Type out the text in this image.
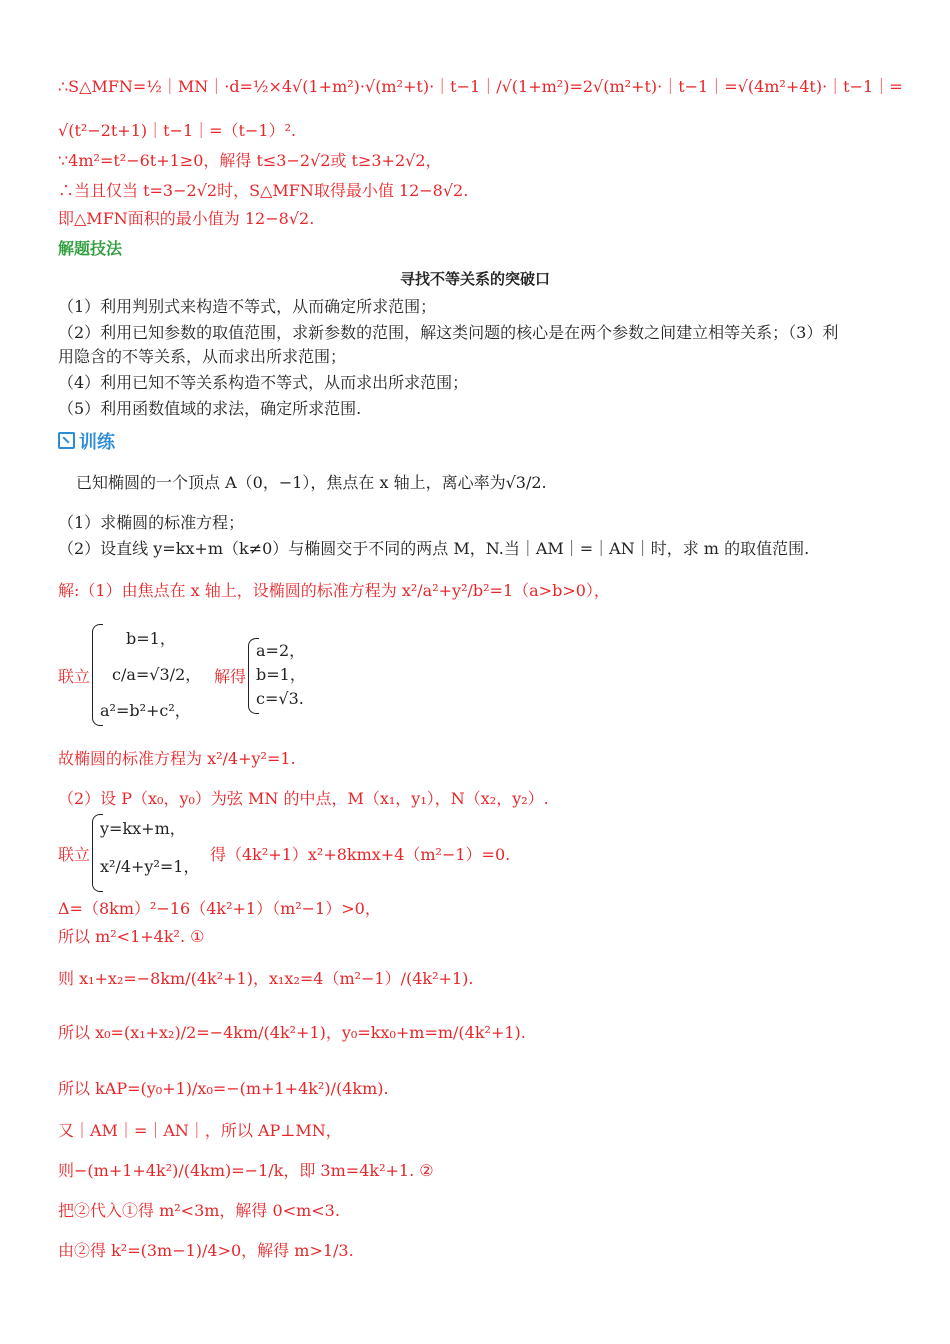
∴S△MFN=½｜MN｜·d=½×4√(1+m²)·√(m²+t)·｜t−1｜/√(1+m²)=2√(m²+t)·｜t−1｜=√(4m²+4t)·｜t−1｜=
√(t²−2t+1)｜t−1｜=（t−1）².
∵4m²=t²−6t+1≥0，解得 t≤3−2√2或 t≥3+2√2，
∴当且仅当 t=3−2√2时，S△MFN取得最小值 12−8√2.
即△MFN面积的最小值为 12−8√2.
解题技法
寻找不等关系的突破口
（1）利用判别式来构造不等式，从而确定所求范围；
（2）利用已知参数的取值范围，求新参数的范围，解这类问题的核心是在两个参数之间建立相等关系；（3）利
用隐含的不等关系，从而求出所求范围；
（4）利用已知不等关系构造不等式，从而求出所求范围；
（5）利用函数值域的求法，确定所求范围.
训练
已知椭圆的一个顶点 A（0，−1），焦点在 x 轴上，离心率为√3/2.
（1）求椭圆的标准方程；
（2）设直线 y=kx+m（k≠0）与椭圆交于不同的两点 M，N.当｜AM｜=｜AN｜时，求 m 的取值范围.
解:（1）由焦点在 x 轴上，设椭圆的标准方程为 x²/a²+y²/b²=1（a>b>0），
联立
b=1，
c/a=√3/2，
a²=b²+c²，
解得
a=2，
b=1，
c=√3.
故椭圆的标准方程为 x²/4+y²=1.
（2）设 P（x₀，y₀）为弦 MN 的中点，M（x₁，y₁），N（x₂，y₂）.
联立
y=kx+m，
x²/4+y²=1，
得（4k²+1）x²+8kmx+4（m²−1）=0.
Δ=（8km）²−16（4k²+1）（m²−1）>0，
所以 m²<1+4k². ①
则 x₁+x₂=−8km/(4k²+1)，x₁x₂=4（m²−1）/(4k²+1).
所以 x₀=(x₁+x₂)/2=−4km/(4k²+1)，y₀=kx₀+m=m/(4k²+1).
所以 kAP=(y₀+1)/x₀=−(m+1+4k²)/(4km).
又｜AM｜=｜AN｜，所以 AP⊥MN，
则−(m+1+4k²)/(4km)=−1/k，即 3m=4k²+1. ②
把②代入①得 m²<3m，解得 0<m<3.
由②得 k²=(3m−1)/4>0，解得 m>1/3.
